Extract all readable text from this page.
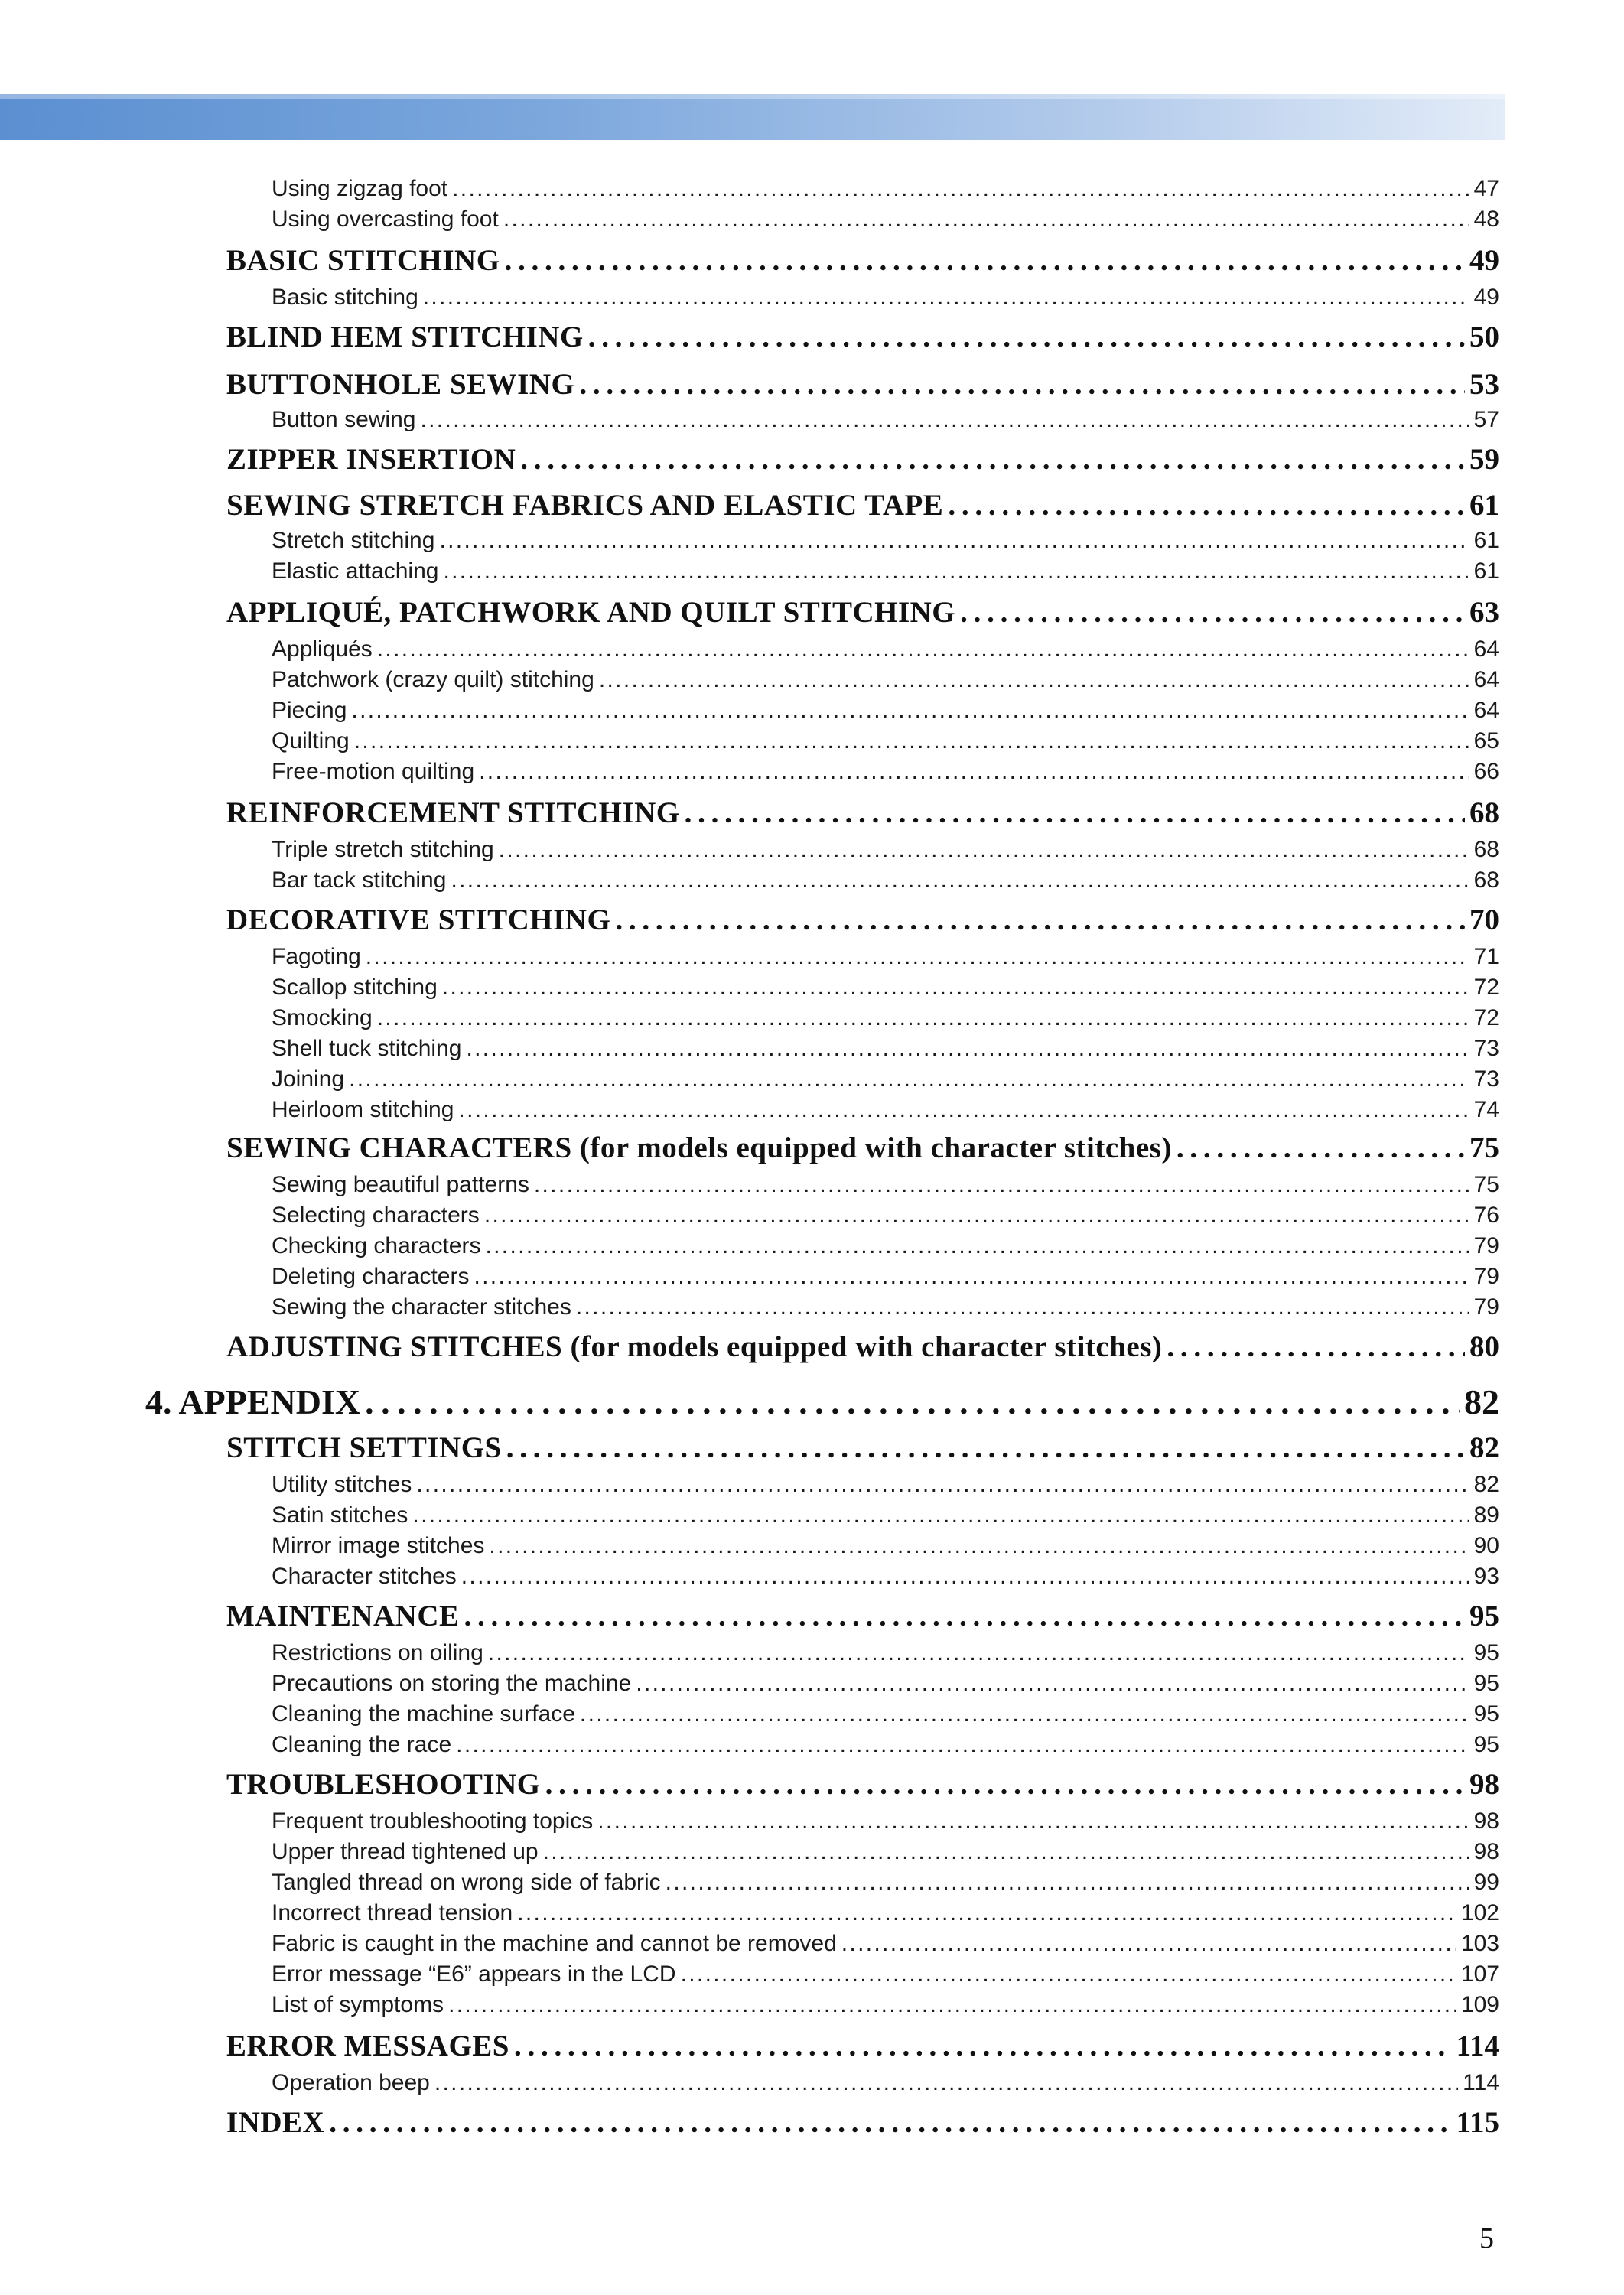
Using zigzag foot . . .	47
Using overcasting foot . . .	48
BASIC STITCHING . . .	49
Basic stitching . . .	49
BLIND HEM STITCHING . . .	50
BUTTONHOLE SEWING . . .	53
Button sewing . . .	57
ZIPPER INSERTION . . .	59
SEWING STRETCH FABRICS AND ELASTIC TAPE . . .	61
Stretch stitching . . .	61
Elastic attaching . . .	61
APPLIQUÉ, PATCHWORK AND QUILT STITCHING . . .	63
Appliqués . . .	64
Patchwork (crazy quilt) stitching . . .	64
Piecing . . .	64
Quilting . . .	65
Free-motion quilting . . .	66
REINFORCEMENT STITCHING . . .	68
Triple stretch stitching . . .	68
Bar tack stitching . . .	68
DECORATIVE STITCHING . . .	70
Fagoting . . .	71
Scallop stitching . . .	72
Smocking . . .	72
Shell tuck stitching . . .	73
Joining . . .	73
Heirloom stitching . . .	74
SEWING CHARACTERS (for models equipped with character stitches) . . .	75
Sewing beautiful patterns . . .	75
Selecting characters . . .	76
Checking characters . . .	79
Deleting characters . . .	79
Sewing the character stitches . . .	79
ADJUSTING STITCHES (for models equipped with character stitches) . . .	80
4. APPENDIX . . .	82
STITCH SETTINGS . . .	82
Utility stitches . . .	82
Satin stitches . . .	89
Mirror image stitches . . .	90
Character stitches . . .	93
MAINTENANCE . . .	95
Restrictions on oiling . . .	95
Precautions on storing the machine . . .	95
Cleaning the machine surface . . .	95
Cleaning the race . . .	95
TROUBLESHOOTING . . .	98
Frequent troubleshooting topics . . .	98
Upper thread tightened up . . .	98
Tangled thread on wrong side of fabric . . .	99
Incorrect thread tension . . .	102
Fabric is caught in the machine and cannot be removed . . .	103
Error message “E6” appears in the LCD . . .	107
List of symptoms . . .	109
ERROR MESSAGES . . .	114
Operation beep . . .	114
INDEX . . .	115
5
